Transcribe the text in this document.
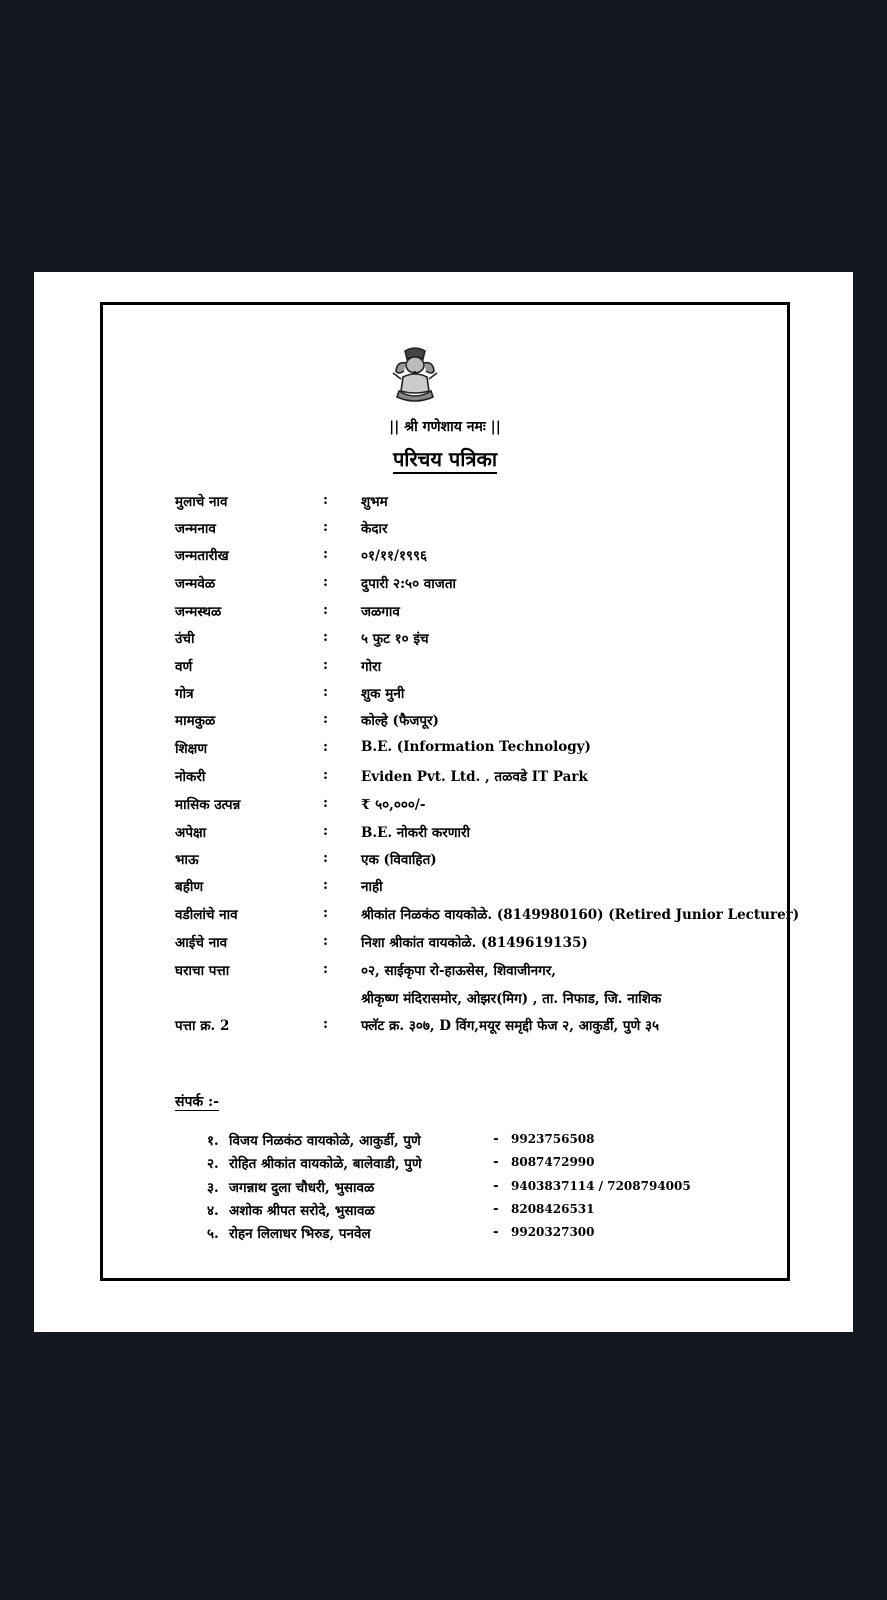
|| श्री गणेशाय नमः ||
परिचय पत्रिका
मुलाचे नाव	: शुभम
जन्मनाव	: केदार
जन्मतारीख	: ०१/११/१९९६
जन्मवेळ	: दुपारी २:५० वाजता
जन्मस्थळ	: जळगाव
उंची	: ५ फुट १० इंच
वर्ण	: गोरा
गोत्र	: शुक मुनी
मामकुळ	: कोल्हे (फैजपूर)
शिक्षण	: B.E. (Information Technology)
नोकरी	: Eviden Pvt. Ltd. , तळवडे IT Park
मासिक उत्पन्न	: ₹ ५०,०००/-
अपेक्षा	: B.E. नोकरी करणारी
भाऊ	: एक (विवाहित)
बहीण	: नाही
वडीलांचे नाव	: श्रीकांत निळकंठ वायकोळे. (8149980160) (Retired Junior Lecturer)
आईचे नाव	: निशा श्रीकांत वायकोळे. (8149619135)
घराचा पत्ता	: ०२, साईकृपा रो-हाऊसेस, शिवाजीनगर,
श्रीकृष्ण मंदिरासमोर, ओझर(मिग) , ता. निफाड, जि. नाशिक
पत्ता क्र. 2	: फ्लॅट क्र. ३०७, D विंग,मयूर समृद्दी फेज २, आकुर्डी, पुणे ३५
संपर्क :-
१. विजय निळकंठ वायकोळे, आकुर्डी, पुणे	- 9923756508
२. रोहित श्रीकांत वायकोळे, बालेवाडी, पुणे	- 8087472990
३. जगन्नाथ दुला चौधरी, भुसावळ	- 9403837114 / 7208794005
४. अशोक श्रीपत सरोदे, भुसावळ	- 8208426531
५. रोहन लिलाधर भिरुड, पनवेल	- 9920327300
